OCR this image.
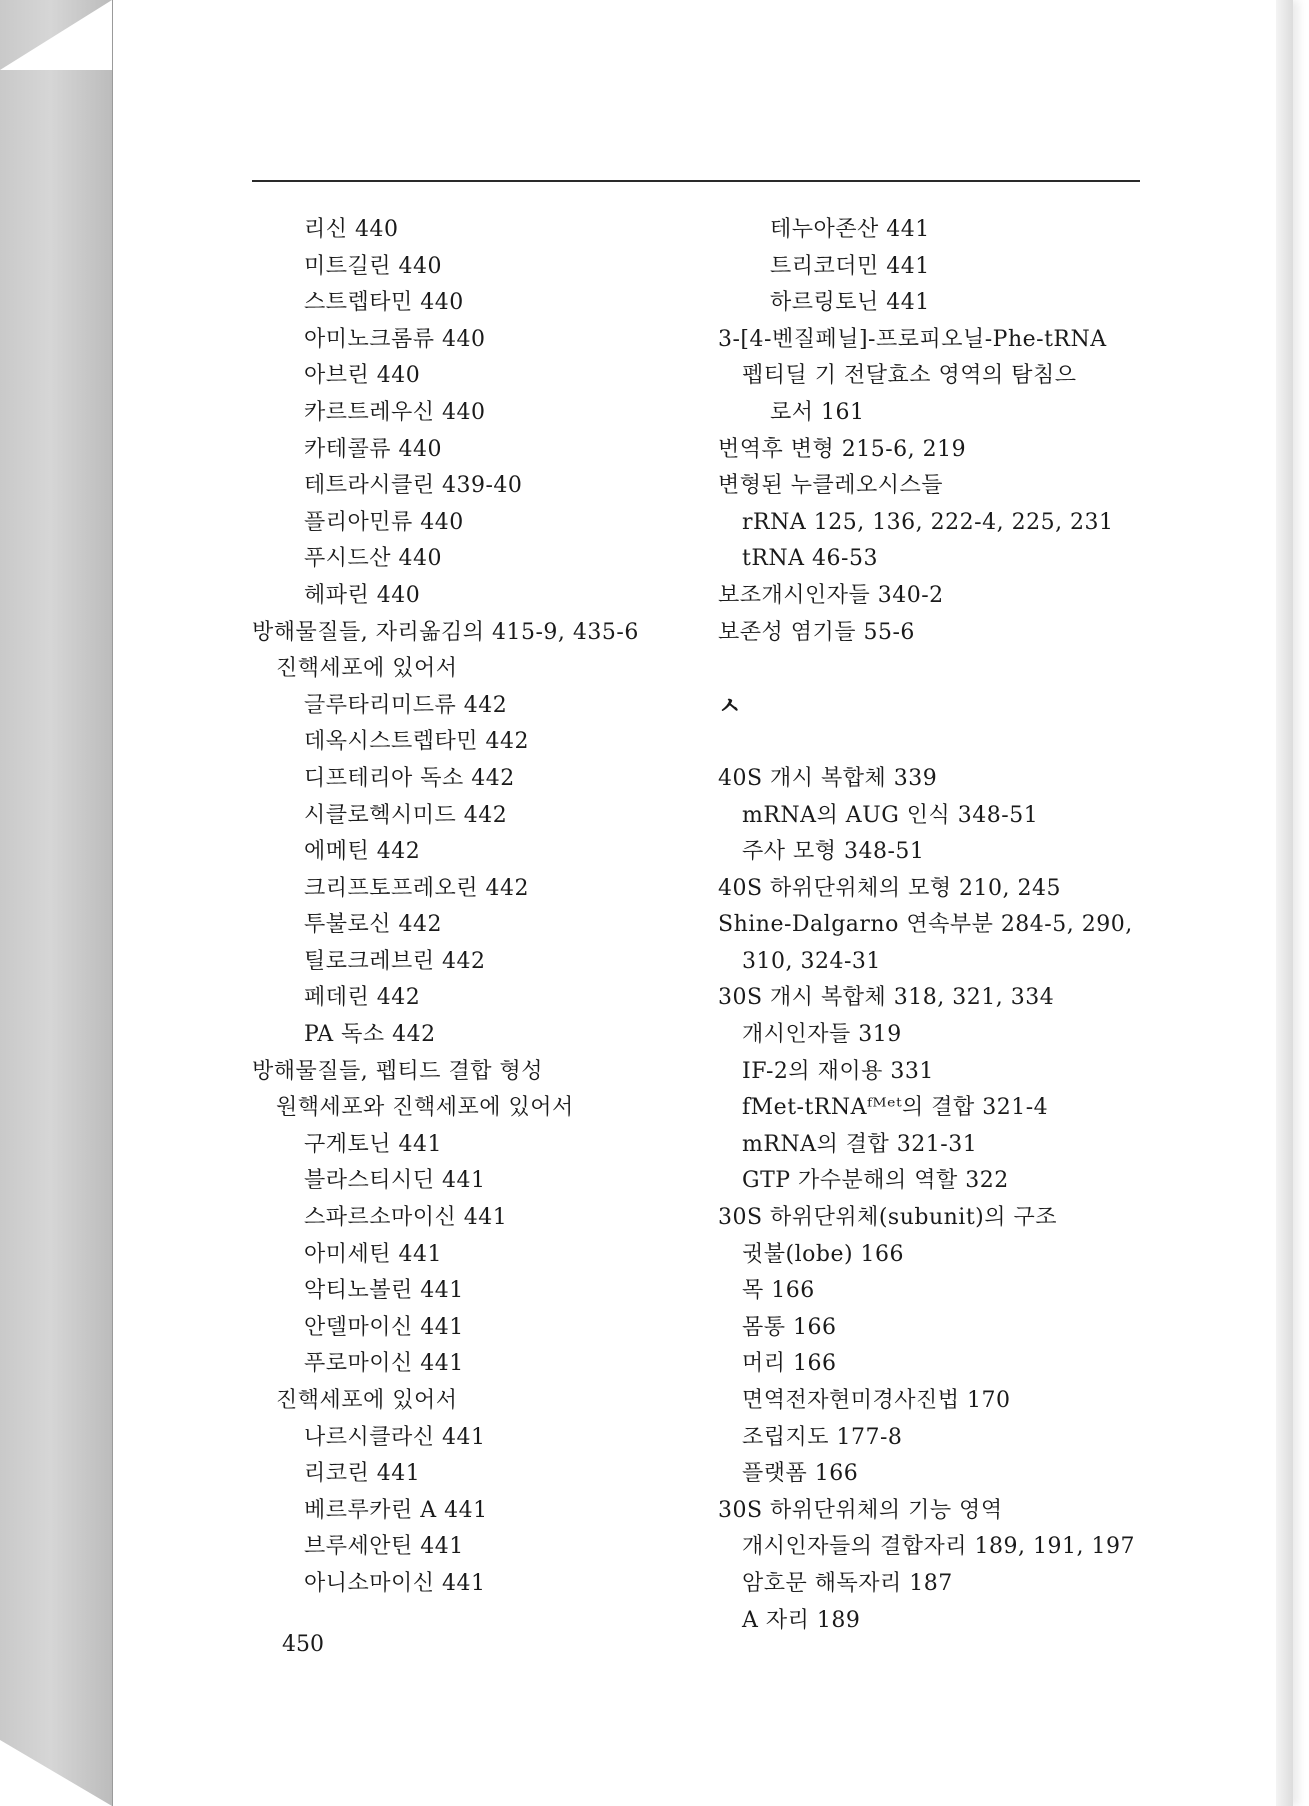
리신 440
미트길린 440
스트렙타민 440
아미노크롬류 440
아브린 440
카르트레우신 440
카테콜류 440
테트라시클린 439-40
플리아민류 440
푸시드산 440
헤파린 440
방해물질들, 자리옮김의 415-9, 435-6
진핵세포에 있어서
글루타리미드류 442
데옥시스트렙타민 442
디프테리아 독소 442
시클로헥시미드 442
에메틴 442
크리프토프레오린 442
투불로신 442
틸로크레브린 442
페데린 442
PA 독소 442
방해물질들, 펩티드 결합 형성
원핵세포와 진핵세포에 있어서
구게토닌 441
블라스티시딘 441
스파르소마이신 441
아미세틴 441
악티노볼린 441
안델마이신 441
푸로마이신 441
진핵세포에 있어서
나르시클라신 441
리코린 441
베르루카린 A 441
브루세안틴 441
아니소마이신 441
테누아존산 441
트리코더민 441
하르링토닌 441
3-[4-벤질페닐]-프로피오닐-Phe-tRNA
펩티딜 기 전달효소 영역의 탐침으
로서 161
번역후 변형 215-6, 219
변형된 누클레오시스들
rRNA 125, 136, 222-4, 225, 231
tRNA 46-53
보조개시인자들 340-2
보존성 염기들 55-6
ㅅ
40S 개시 복합체 339
mRNA의 AUG 인식 348-51
주사 모형 348-51
40S 하위단위체의 모형 210, 245
Shine-Dalgarno 연속부분 284-5, 290,
310, 324-31
30S 개시 복합체 318, 321, 334
개시인자들 319
IF-2의 재이용 331
fMet-tRNAᶠᴹᵉᵗ의 결합 321-4
mRNA의 결합 321-31
GTP 가수분해의 역할 322
30S 하위단위체(subunit)의 구조
귓불(lobe) 166
목 166
몸통 166
머리 166
면역전자현미경사진법 170
조립지도 177-8
플랫폼 166
30S 하위단위체의 기능 영역
개시인자들의 결합자리 189, 191, 197
암호문 해독자리 187
A 자리 189
450
